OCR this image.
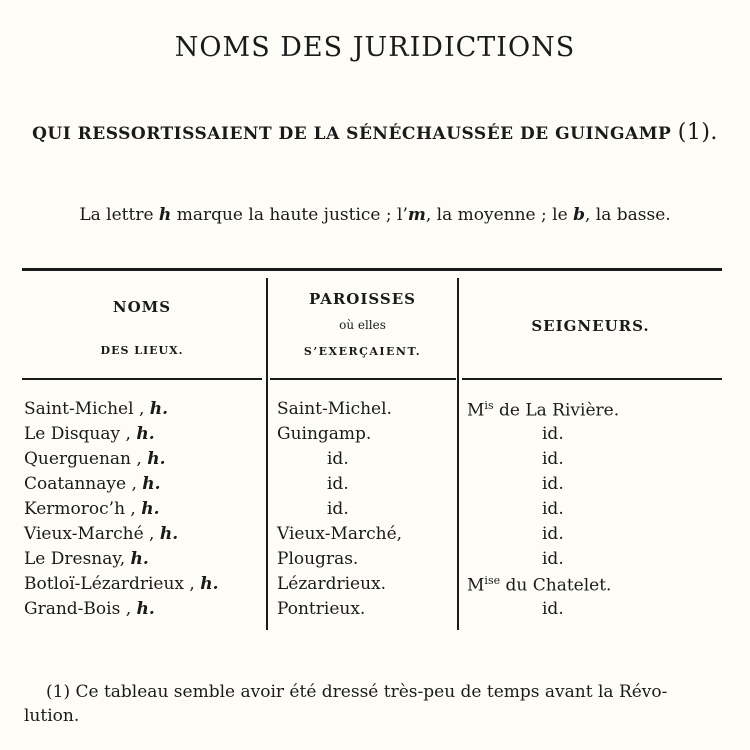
NOMS DES JURIDICTIONS
QUI RESSORTISSAIENT DE LA SÉNÉCHAUSSÉE DE GUINGAMP (1).
La lettre h marque la haute justice ; l’m, la moyenne ; le b, la basse.
NOMS
DES LIEUX.
PAROISSES
où elles
S’EXERÇAIENT.
SEIGNEURS.
Saint-Michel , h.	Saint-Michel.	$M^{is}$ de La Rivière.
Le Disquay , h.	Guingamp.	id.
Querguenan , h.	id.	id.
Coatannaye , h.	id.	id.
Kermoroc’h , h.	id.	id.
Vieux-Marché , h.	Vieux-Marché,	id.
Le Dresnay, h.	Plougras.	id.
Botloï-Lézardrieux , h.	Lézardrieux.	$M^{ise}$ du Chatelet.
Grand-Bois , h.	Pontrieux.	id.
(1) Ce tableau semble avoir été dressé très-peu de temps avant la Révo-
lution.
